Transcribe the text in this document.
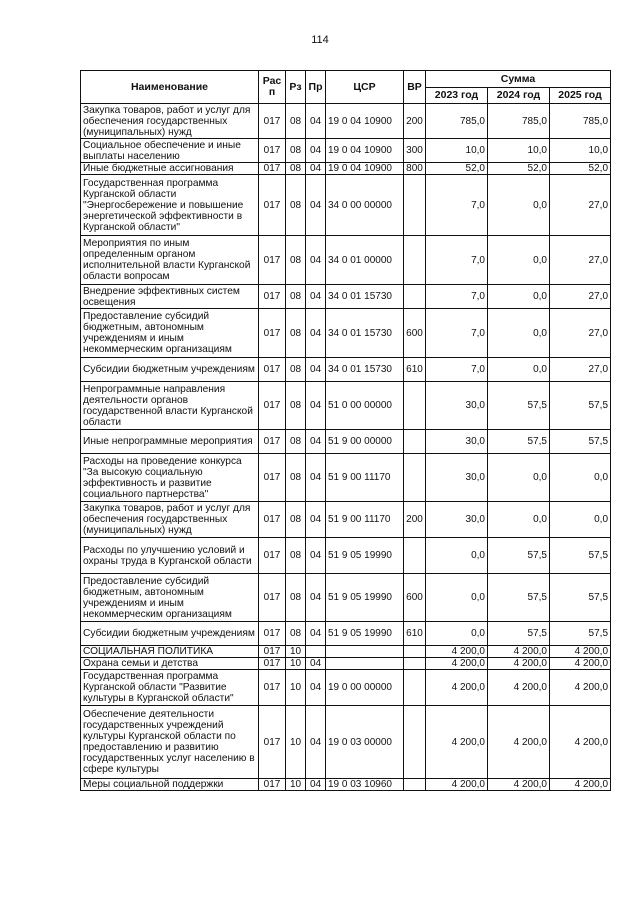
114
Наименование	Рас п	Рз	Пр	ЦСР	ВР	Сумма		
						2023 год	2024 год	2025 год
Закупка товаров, работ и услуг для обеспечения государственных (муниципальных) нужд	017	08	04	19 0 04 10900	200	785,0	785,0	785,0
Социальное обеспечение и иные выплаты населению	017	08	04	19 0 04 10900	300	10,0	10,0	10,0
Иные бюджетные ассигнования	017	08	04	19 0 04 10900	800	52,0	52,0	52,0
Государственная программа Курганской области "Энергосбережение и повышение энергетической эффективности в Курганской области"	017	08	04	34 0 00 00000		7,0	0,0	27,0
Мероприятия по иным определенным органом исполнительной власти Курганской области вопросам	017	08	04	34 0 01 00000		7,0	0,0	27,0
Внедрение эффективных систем освещения	017	08	04	34 0 01 15730		7,0	0,0	27,0
Предоставление субсидий бюджетным, автономным учреждениям и иным некоммерческим организациям	017	08	04	34 0 01 15730	600	7,0	0,0	27,0
Субсидии бюджетным учреждениям	017	08	04	34 0 01 15730	610	7,0	0,0	27,0
Непрограммные направления деятельности органов государственной власти Курганской области	017	08	04	51 0 00 00000		30,0	57,5	57,5
Иные непрограммные мероприятия	017	08	04	51 9 00 00000		30,0	57,5	57,5
Расходы на проведение конкурса "За высокую социальную эффективность и развитие социального партнерства"	017	08	04	51 9 00 11170		30,0	0,0	0,0
Закупка товаров, работ и услуг для обеспечения государственных (муниципальных) нужд	017	08	04	51 9 00 11170	200	30,0	0,0	0,0
Расходы по улучшению условий и охраны труда в Курганской области	017	08	04	51 9 05 19990		0,0	57,5	57,5
Предоставление субсидий бюджетным, автономным учреждениям и иным некоммерческим организациям	017	08	04	51 9 05 19990	600	0,0	57,5	57,5
Субсидии бюджетным учреждениям	017	08	04	51 9 05 19990	610	0,0	57,5	57,5
СОЦИАЛЬНАЯ ПОЛИТИКА	017	10				4 200,0	4 200,0	4 200,0
Охрана семьи и детства	017	10	04			4 200,0	4 200,0	4 200,0
Государственная программа Курганской области "Развитие культуры в Курганской области"	017	10	04	19 0 00 00000		4 200,0	4 200,0	4 200,0
Обеспечение деятельности государственных учреждений культуры Курганской области по предоставлению и развитию государственных услуг населению в сфере культуры	017	10	04	19 0 03 00000		4 200,0	4 200,0	4 200,0
Меры социальной поддержки	017	10	04	19 0 03 10960		4 200,0	4 200,0	4 200,0
